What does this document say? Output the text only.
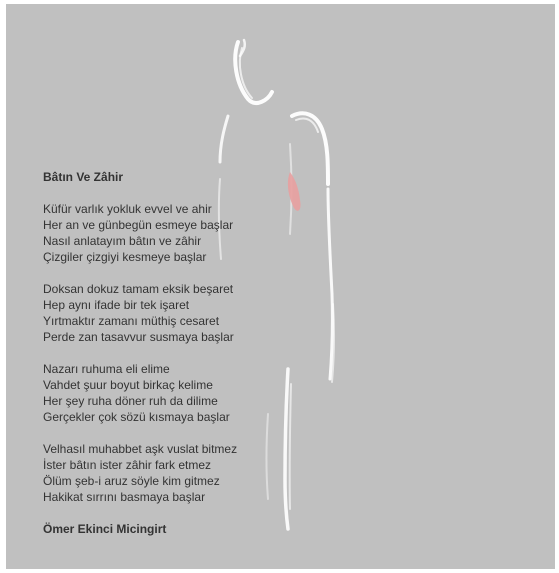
Bâtın Ve Zâhir
Küfür varlık yokluk evvel ve ahir
Her an ve günbegün esmeye başlar
Nasıl anlatayım bâtın ve zâhir
Çizgiler çizgiyi kesmeye başlar
Doksan dokuz tamam eksik beşaret
Hep aynı ifade bir tek işaret
Yırtmaktır zamanı müthiş cesaret
Perde zan tasavvur susmaya başlar
Nazarı ruhuma eli elime
Vahdet şuur boyut birkaç kelime
Her şey ruha döner ruh da dilime
Gerçekler çok sözü kısmaya başlar
Velhasıl muhabbet aşk vuslat bitmez
İster bâtın ister zâhir fark etmez
Ölüm şeb-i aruz söyle kim gitmez
Hakikat sırrını basmaya başlar
Ömer Ekinci Micingirt
